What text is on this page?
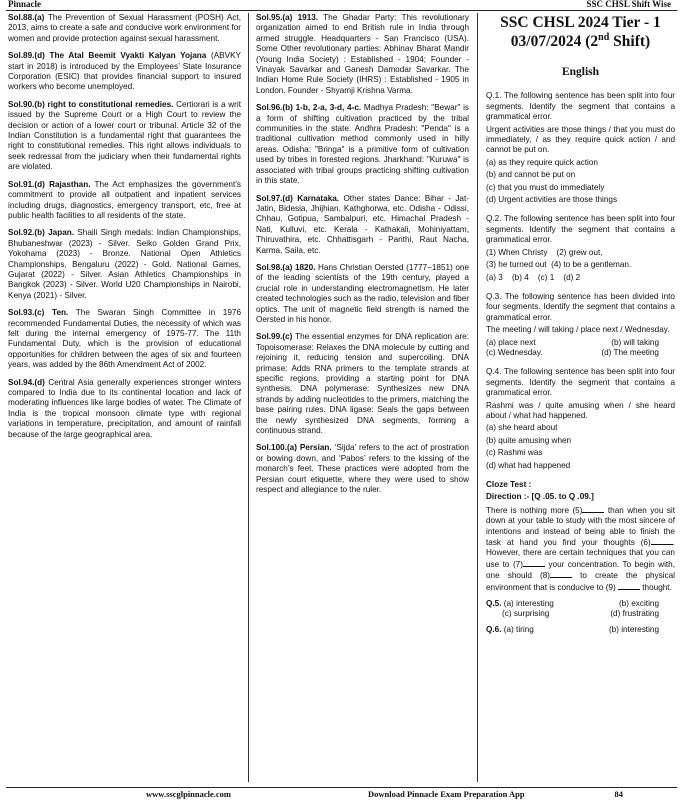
Pinnacle	SSC CHSL Shift Wise

Sol.88.(a) The Prevention of Sexual Harassment (POSH) Act, 2013, aims to create a safe and conducive work environment for women and provide protection against sexual harassment.

Sol.89.(d) The Atal Beemit Vyakti Kalyan Yojana (ABVKY start in 2018) is introduced by the Employees’ State Insurance Corporation (ESIC) that provides financial support to insured workers who become unemployed.

Sol.90.(b) right to constitutional remedies. Certiorari is a writ issued by the Supreme Court or a High Court to review the decision or action of a lower court or tribunal. Article 32 of the Indian Constitution is a fundamental right that guarantees the right to constitutional remedies. This right allows individuals to seek redressal from the judiciary when their fundamental rights are violated.

Sol.91.(d) Rajasthan. The Act emphasizes the government’s commitment to provide all outpatient and inpatient services including drugs, diagnostics, emergency transport, etc, free at public health facilities to all residents of the state.

Sol.92.(b) Japan. Shaili Singh medals: Indian Championships, Bhubaneshwar (2023) - Silver. Seiko Golden Grand Prix, Yokohama (2023) - Bronze. National Open Athletics Championships, Bengaluru (2022) - Gold. National Games, Gujarat (2022) - Silver. Asian Athletics Championships in Bangkok (2023) - Silver. World U20 Championships in Nairobi, Kenya (2021) - Silver.

Sol.93.(c) Ten. The Swaran Singh Committee in 1976 recommended Fundamental Duties, the necessity of which was felt during the internal emergency of 1975-77. The 11th Fundamental Duty, which is the provision of educational opportunities for children between the ages of six and fourteen years, was added by the 86th Amendment Act of 2002.

Sol.94.(d) Central Asia generally experiences stronger winters compared to India due to its continental location and lack of moderating influences like large bodies of water. The Climate of India is the tropical monsoon climate type with regional variations in temperature, precipitation, and amount of rainfall because of the large geographical area.

Sol.95.(a) 1913. The Ghadar Party: This revolutionary organization aimed to end British rule in India through armed struggle. Headquarters - San Francisco (USA). Some Other revolutionary parties: Abhinav Bharat Mandir (Young India Society) : Established - 1904; Founder - Vinayak Savarkar and Ganesh Damodar Savarkar. The Indian Home Rule Society (IHRS) : Established - 1905 in London. Founder - Shyamji Krishna Varma.

Sol.96.(b) 1-b, 2-a, 3-d, 4-c. Madhya Pradesh: "Bewar" is a form of shifting cultivation practiced by the tribal communities in the state. Andhra Pradesh: "Penda" is a traditional cultivation method commonly used in hilly areas. Odisha: "Bringa" is a primitive form of cultivation used by tribes in forested regions. Jharkhand: "Kuruwa" is associated with tribal groups practicing shifting cultivation in this state.

Sol.97.(d) Karnataka. Other states Dance: Bihar - Jat-Jatin, Bidesia, Jhijhian, Kathghorwa, etc. Odisha - Odissi, Chhau, Gotipua, Sambalpuri, etc. Himachal Pradesh - Nati, Kulluvi, etc. Kerala - Kathakali, Mohiniyattam, Thiruvathira, etc. Chhattisgarh - Panthi, Raut Nacha, Karma, Saila, etc.

Sol.98.(a) 1820. Hans Christian Oersted (1777−1851) one of the leading scientists of the 19th century, played a crucial role in understanding electromagnetism. He later created technologies such as the radio, television and fiber optics. The unit of magnetic field strength is named the Oersted in his honor.

Sol.99.(c) The essential enzymes for DNA replication are: Topoisomerase: Relaxes the DNA molecule by cutting and rejoining it, reducing tension and supercoiling. DNA primase: Adds RNA primers to the template strands at specific regions, providing a starting point for DNA synthesis. DNA polymerase: Synthesizes new DNA strands by adding nucleotides to the primers, matching the base pairing rules. DNA ligase: Seals the gaps between the newly synthesized DNA segments, forming a continuous strand.

Sol.100.(a) Persian. ‘Sijda’ refers to the act of prostration or bowing down, and ‘Pabos’ refers to the kissing of the monarch’s feet. These practices were adopted from the Persian court etiquette, where they were used to show respect and allegiance to the ruler.

SSC CHSL 2024 Tier - 1
03/07/2024 (2nd Shift)
English

Q.1. The following sentence has been split into four segments. Identify the segment that contains a grammatical error.

Urgent activities are those things / that you must do immediately, / as they require quick action / and cannot be put on.

(a) as they require quick action

(b) and cannot be put on

(c) that you must do immediately

(d) Urgent activities are those things

Q.2. The following sentence has been split into four segments. Identify the segment that contains a grammatical error.

(1) When Christy (2) grew out,

(3) he turned out (4) to be a gentleman.

(a) 3 (b) 4 (c) 1 (d) 2

Q.3. The following sentence has been divided into four segments. Identify the segment that contains a grammatical error.

The meeting / will taking / place next / Wednesday.

(a) place next	(b) will taking
(c) Wednesday.	(d) The meeting

Q.4. The following sentence has been split into four segments. Identify the segment that contains a grammatical error.

Rashmi was / quite amusing when / she heard about / what had happened.

(a) she heard about

(b) quite amusing when

(c) Rashmi was

(d) what had happened

Cloze Test :

Direction :- [Q .05. to Q .09.]

There is nothing more (5)	than when you sit down at your table to study with the most sincere of intentions and instead of being able to finish the task at hand you find your thoughts (6)	. However, there are certain techniques that you can use to (7)	your concentration. To begin with, one should (8)	to create the physical environment that is conducive to (9)	thought.

Q.5. (a) interesting	(b) exciting
(c) surprising	(d) frustrating
Q.6. (a) tiring	(b) interesting
www.sscglpinnacle.com	Download Pinnacle Exam Preparation App	84
